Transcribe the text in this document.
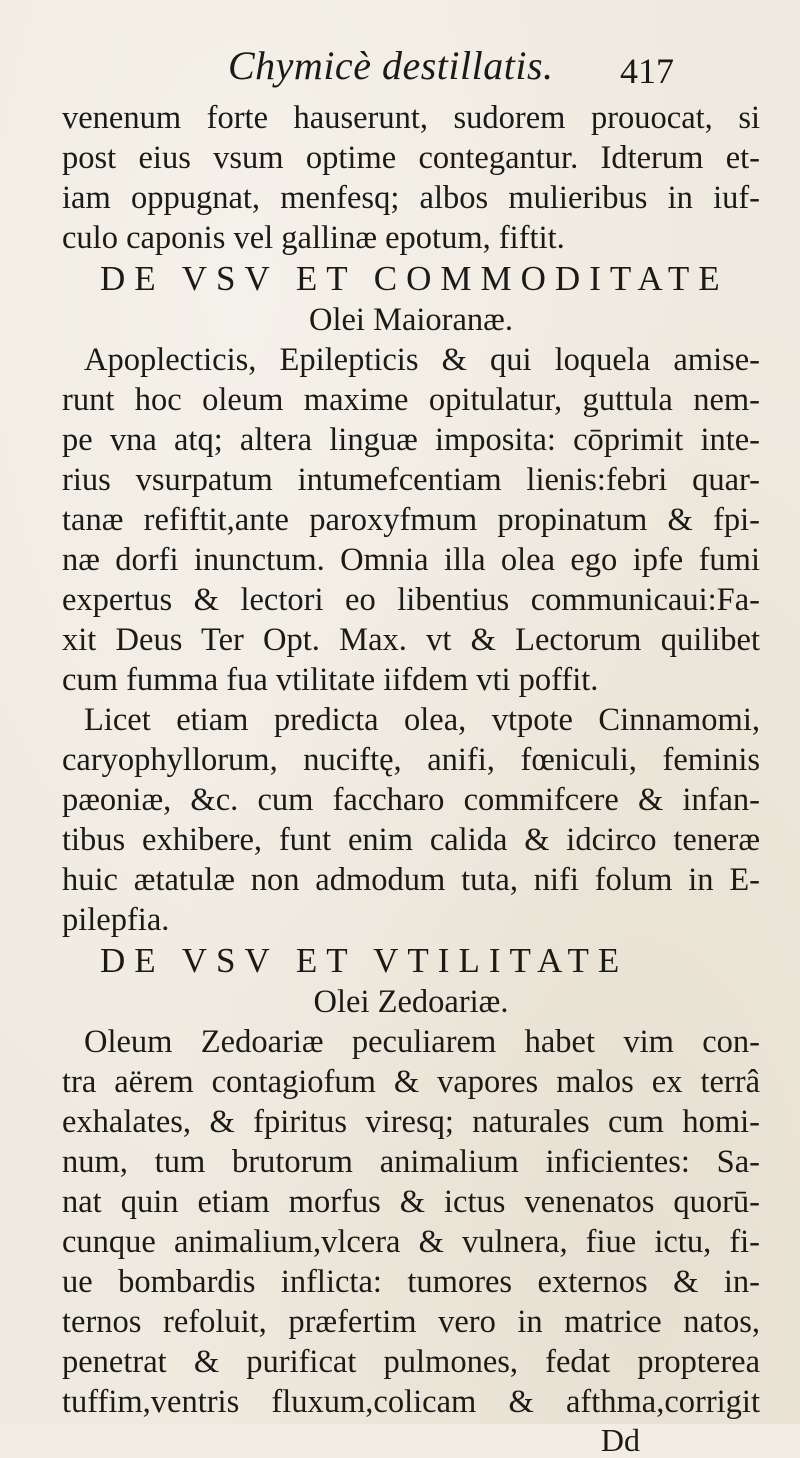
Chymicè destillatis. 417
venenum forte hauserunt, sudorem prouocat, si
post eius vsum optime contegantur. Idterum et-
iam oppugnat, menfesq; albos mulieribus in iuf-
culo caponis vel gallinæ epotum, fiftit.
DE VSV ET COMMODITATE
Olei Maioranæ.
Apoplecticis, Epilepticis & qui loquela amise-
runt hoc oleum maxime opitulatur, guttula nem-
pe vna atq; altera linguæ imposita: cōprimit inte-
rius vsurpatum intumefcentiam lienis:febri quar-
tanæ refiftit,ante paroxyfmum propinatum & fpi-
næ dorfi inunctum. Omnia illa olea ego ipfe fumi
expertus & lectori eo libentius communicaui:Fa-
xit Deus Ter Opt. Max. vt & Lectorum quilibet
cum fumma fua vtilitate iifdem vti poffit.
Licet etiam predicta olea, vtpote Cinnamomi,
caryophyllorum, nuciftę, anifi, fœniculi, feminis
pæoniæ, &c. cum faccharo commifcere & infan-
tibus exhibere, funt enim calida & idcirco teneræ
huic ætatulæ non admodum tuta, nifi folum in E-
pilepfia.
DE VSV ET VTILITATE
Olei Zedoariæ.
Oleum Zedoariæ peculiarem habet vim con-
tra aërem contagiofum & vapores malos ex terrâ
exhalates, & fpiritus viresq; naturales cum homi-
num, tum brutorum animalium inficientes: Sa-
nat quin etiam morfus & ictus venenatos quorū-
cunque animalium,vlcera & vulnera, fiue ictu, fi-
ue bombardis inflicta: tumores externos & in-
ternos refoluit, præfertim vero in matrice natos,
penetrat & purificat pulmones, fedat propterea
tuffim,ventris fluxum,colicam & afthma,corrigit
Dd
